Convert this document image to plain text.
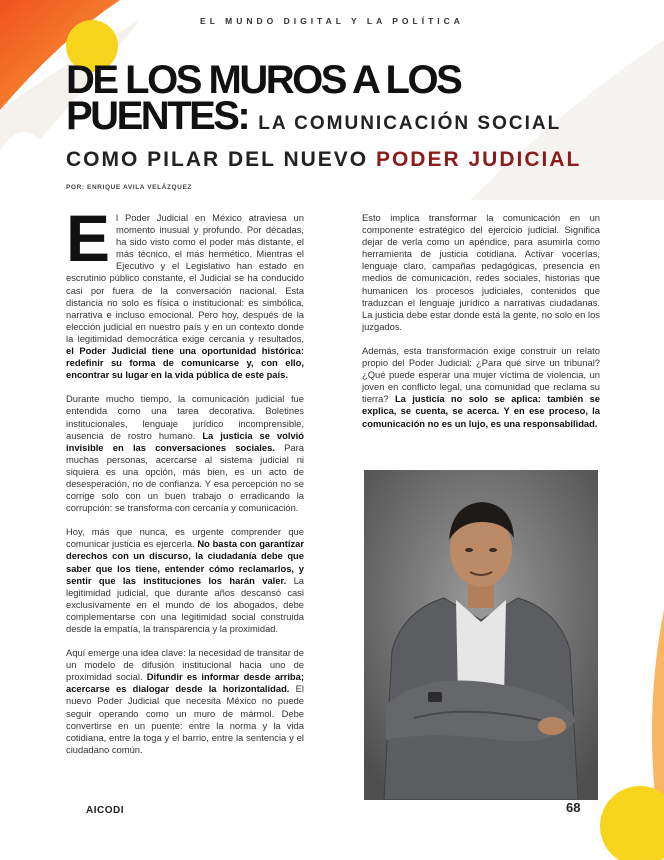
EL MUNDO DIGITAL Y LA POLÍTICA
DE LOS MUROS A LOS
PUENTES: LA COMUNICACIÓN SOCIAL
COMO PILAR DEL NUEVO PODER JUDICIAL
POR: ENRIQUE AVILA VELÁZQUEZ

El Poder Judicial en México atraviesa un momento inusual y profundo. Por décadas, ha sido visto como el poder más distante, el más técnico, el más hermético. Mientras el Ejecutivo y el Legislativo han estado en escrutinio público constante, el Judicial se ha conducido casi por fuera de la conversación nacional. Esta distancia no solo es física o institucional: es simbólica, narrativa e incluso emocional. Pero hoy, después de la elección judicial en nuestro país y en un contexto donde la legitimidad democrática exige cercanía y resultados, el Poder Judicial tiene una oportunidad histórica: redefinir su forma de comunicarse y, con ello, encontrar su lugar en la vida pública de este país.

Durante mucho tiempo, la comunicación judicial fue entendida como una tarea decorativa. Boletines institucionales, lenguaje jurídico incomprensible, ausencia de rostro humano. La justicia se volvió invisible en las conversaciones sociales. Para muchas personas, acercarse al sistema judicial ni siquiera es una opción, más bien, es un acto de desesperación, no de confianza. Y esa percepción no se corrige solo con un buen trabajo o erradicando la corrupción: se transforma con cercanía y comunicación.

Hoy, más que nunca, es urgente comprender que comunicar justicia es ejercerla. No basta con garantizar derechos con un discurso, la ciudadanía debe que saber que los tiene, entender cómo reclamarlos, y sentir que las instituciones los harán valer. La legitimidad judicial, que durante años descansó casi exclusivamente en el mundo de los abogados, debe complementarse con una legitimidad social construida desde la empatía, la transparencia y la proximidad.

Aquí emerge una idea clave: la necesidad de transitar de un modelo de difusión institucional hacia uno de proximidad social. Difundir es informar desde arriba; acercarse es dialogar desde la horizontalidad. El nuevo Poder Judicial que necesita México no puede seguir operando como un muro de mármol. Debe convertirse en un puente: entre la norma y la vida cotidiana, entre la toga y el barrio, entre la sentencia y el ciudadano común.

Esto implica transformar la comunicación en un componente estratégico del ejercicio judicial. Significa dejar de verla como un apéndice, para asumirla como herramienta de justicia cotidiana. Activar vocerías, lenguaje claro, campañas pedagógicas, presencia en medios de comunicación, redes sociales, historias que humanicen los procesos judiciales, contenidos que traduzcan el lenguaje jurídico a narrativas ciudadanas. La justicia debe estar donde está la gente, no solo en los juzgados.

Además, esta transformación exige construir un relato propio del Poder Judicial: ¿Para qué sirve un tribunal? ¿Qué puede esperar una mujer víctima de violencia, un joven en conflicto legal, una comunidad que reclama su tierra? La justicia no solo se aplica: también se explica, se cuenta, se acerca. Y en ese proceso, la comunicación no es un lujo, es una responsabilidad.

AICODI	68
